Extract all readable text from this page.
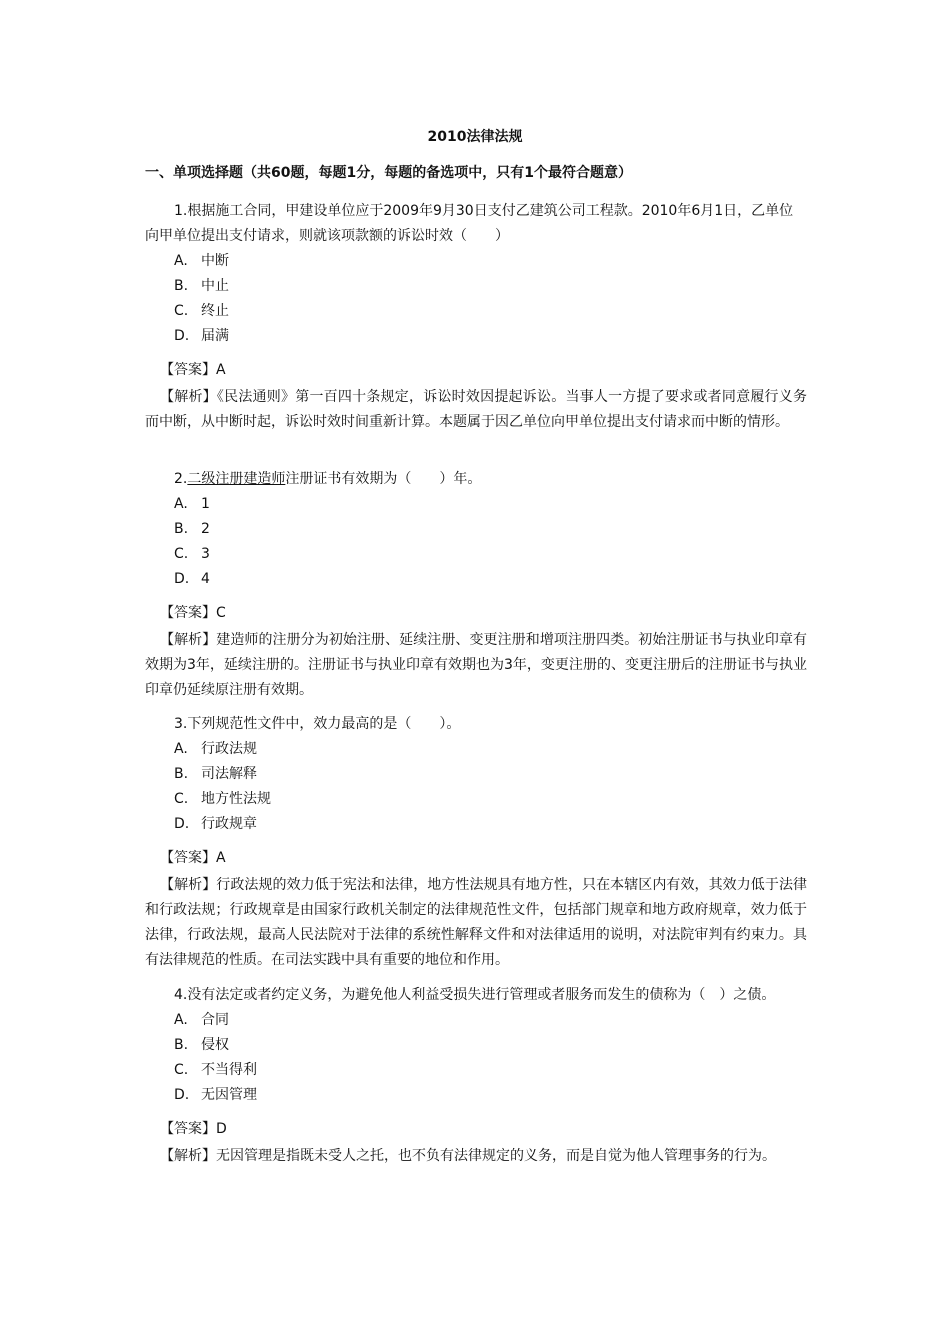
2010法律法规
一、单项选择题（共60题，每题1分，每题的备选项中，只有1个最符合题意）

1.根据施工合同，甲建设单位应于2009年9月30日支付乙建筑公司工程款。2010年6月1日，乙单位向甲单位提出支付请求，则就该项款额的诉讼时效（　　）

A. 中断
B. 中止
C. 终止
D. 届满

【答案】A

【解析】《民法通则》第一百四十条规定，诉讼时效因提起诉讼。当事人一方提了要求或者同意履行义务而中断，从中断时起，诉讼时效时间重新计算。本题属于因乙单位向甲单位提出支付请求而中断的情形。

2.二级注册建造师注册证书有效期为（　　）年。

A. 1
B. 2
C. 3
D. 4

【答案】C

【解析】建造师的注册分为初始注册、延续注册、变更注册和增项注册四类。初始注册证书与执业印章有效期为3年，延续注册的。注册证书与执业印章有效期也为3年，变更注册的、变更注册后的注册证书与执业印章仍延续原注册有效期。

3.下列规范性文件中，效力最高的是（　　）。

A. 行政法规
B. 司法解释
C. 地方性法规
D. 行政规章

【答案】A

【解析】行政法规的效力低于宪法和法律，地方性法规具有地方性，只在本辖区内有效，其效力低于法律和行政法规；行政规章是由国家行政机关制定的法律规范性文件，包括部门规章和地方政府规章，效力低于法律，行政法规，最高人民法院对于法律的系统性解释文件和对法律适用的说明，对法院审判有约束力。具有法律规范的性质。在司法实践中具有重要的地位和作用。

4.没有法定或者约定义务，为避免他人利益受损失进行管理或者服务而发生的债称为（　）之债。

A. 合同
B. 侵权
C. 不当得利
D. 无因管理

【答案】D

【解析】无因管理是指既未受人之托，也不负有法律规定的义务，而是自觉为他人管理事务的行为。
